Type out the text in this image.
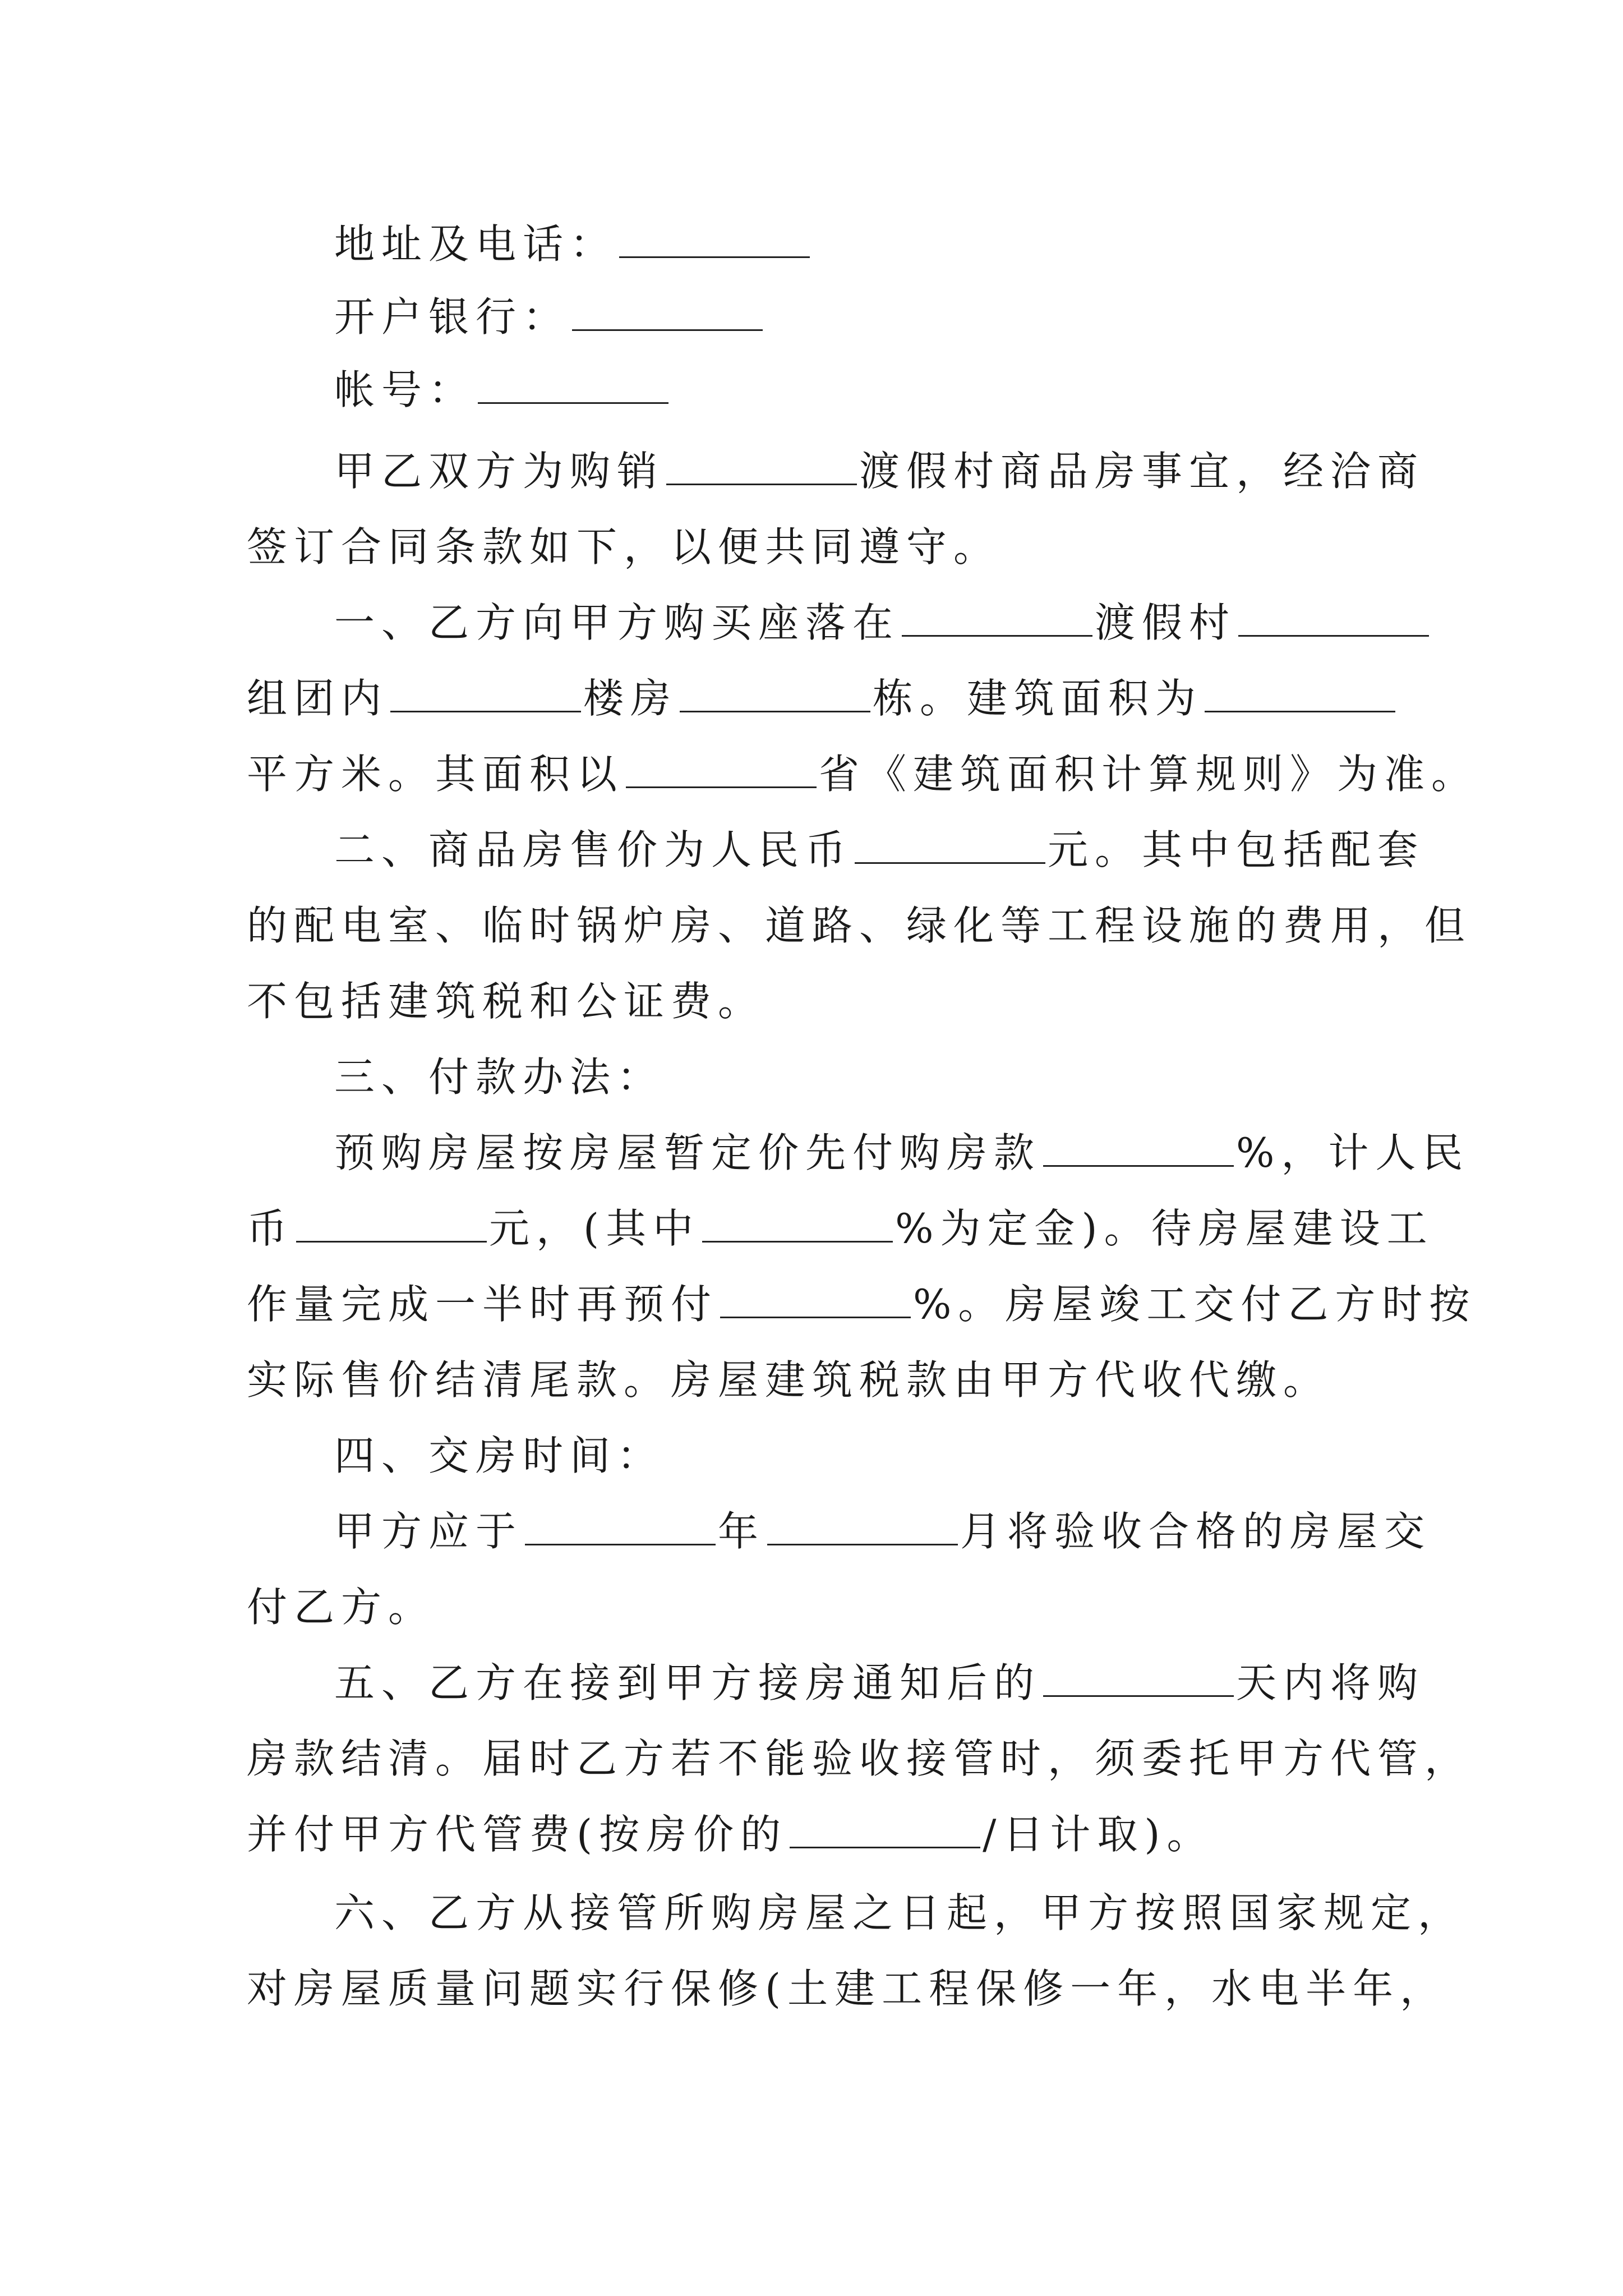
地址及电话：
开户银行：
帐号：
甲乙双方为购销	渡假村商品房事宜，经洽商
签订合同条款如下，以便共同遵守。
一、乙方向甲方购买座落在	渡假村
组团内	楼房	栋。建筑面积为
平方米。其面积以	省《建筑面积计算规则》为准。
二、商品房售价为人民币	元。其中包括配套
的配电室、临时锅炉房、道路、绿化等工程设施的费用，但
不包括建筑税和公证费。
三、付款办法：
预购房屋按房屋暂定价先付购房款	%，计人民
币	元，(其中	%为定金)。待房屋建设工
作量完成一半时再预付	%。房屋竣工交付乙方时按
实际售价结清尾款。房屋建筑税款由甲方代收代缴。
四、交房时间：
甲方应于	年	月将验收合格的房屋交
付乙方。
五、乙方在接到甲方接房通知后的	天内将购
房款结清。届时乙方若不能验收接管时，须委托甲方代管，
并付甲方代管费(按房价的	/日计取)。
六、乙方从接管所购房屋之日起，甲方按照国家规定，
对房屋质量问题实行保修(土建工程保修一年，水电半年，
